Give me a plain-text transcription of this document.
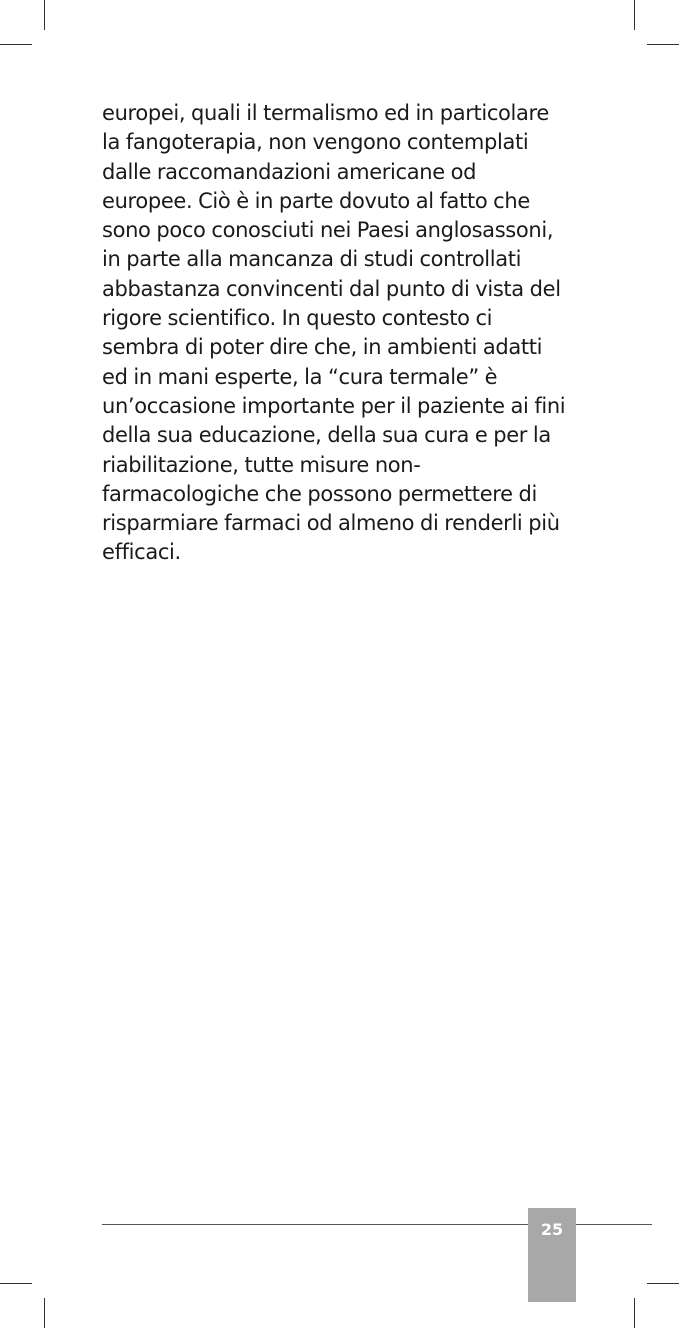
europei, quali il termalismo ed in particolare
la fangoterapia, non vengono contemplati
dalle raccomandazioni americane od
europee. Ciò è in parte dovuto al fatto che
sono poco conosciuti nei Paesi anglosassoni,
in parte alla mancanza di studi controllati
abbastanza convincenti dal punto di vista del
rigore scientifico. In questo contesto ci
sembra di poter dire che, in ambienti adatti
ed in mani esperte, la “cura termale” è
un’occasione importante per il paziente ai fini
della sua educazione, della sua cura e per la
riabilitazione, tutte misure non-
farmacologiche che possono permettere di
risparmiare farmaci od almeno di renderli più
efficaci.

25
